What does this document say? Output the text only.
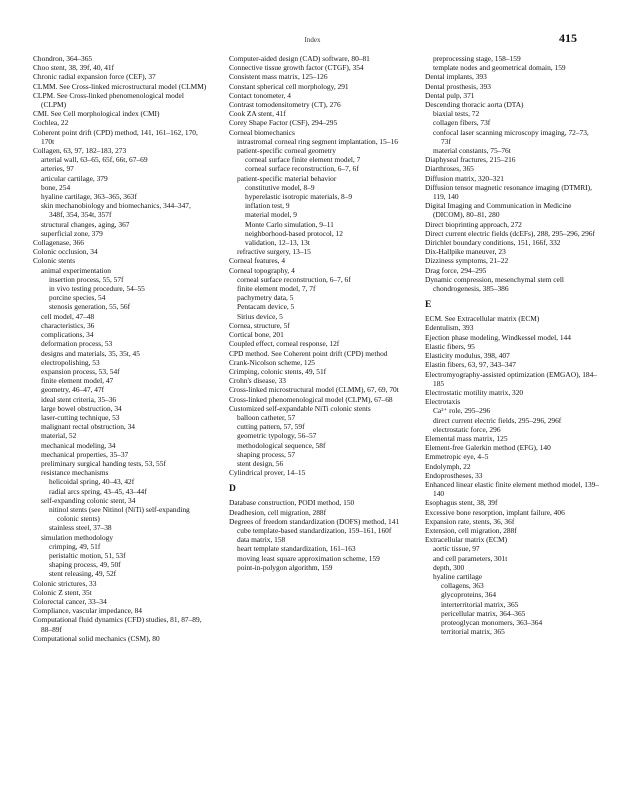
Index	415

Chondron, 364–365

Choo stent, 38, 39f, 40, 41f

Chronic radial expansion force (CEF), 37

CLMM. See Cross-linked microstructural model (CLMM)

CLPM. See Cross-linked phenomenological model (CLPM)

CMI. See Cell morphological index (CMI)

Cochlea, 22

Coherent point drift (CPD) method, 141, 161–162, 170, 170t

Collagen, 63, 97, 182–183, 273

arterial wall, 63–65, 65f, 66t, 67–69

arteries, 97

articular cartilage, 379

bone, 254

hyaline cartilage, 363–365, 363f

skin mechanobiology and biomechanics, 344–347, 348f, 354, 354t, 357f

structural changes, aging, 367

superficial zone, 379

Collagenase, 366

Colonic occlusion, 34

Colonic stents

animal experimentation

insertion process, 55, 57f

in vivo testing procedure, 54–55

porcine species, 54

stenosis generation, 55, 56f

cell model, 47–48

characteristics, 36

complications, 34

deformation process, 53

designs and materials, 35, 35t, 45

electropolishing, 53

expansion process, 53, 54f

finite element model, 47

geometry, 46–47, 47f

ideal stent criteria, 35–36

large bowel obstruction, 34

laser-cutting technique, 53

malignant rectal obstruction, 34

material, 52

mechanical modeling, 34

mechanical properties, 35–37

preliminary surgical handing tests, 53, 55f

resistance mechanisms

helicoidal spring, 40–43, 42f

radial arcs spring, 43–45, 43–44f

self-expanding colonic stent, 34

nitinol stents (see Nitinol (NiTi) self-expanding colonic stents)

stainless steel, 37–38

simulation methodology

crimping, 49, 51f

peristaltic motion, 51, 53f

shaping process, 49, 50f

stent releasing, 49, 52f

Colonic strictures, 33

Colonic Z stent, 35t

Colorectal cancer, 33–34

Compliance, vascular impedance, 84

Computational fluid dynamics (CFD) studies, 81, 87–89, 88–89f

Computational solid mechanics (CSM), 80

Computer-aided design (CAD) software, 80–81

Connective tissue growth factor (CTGF), 354

Consistent mass matrix, 125–126

Constant spherical cell morphology, 291

Contact tonometer, 4

Contrast tomodensitometry (CT), 276

Cook ZA stent, 41f

Corey Shape Factor (CSF), 294–295

Corneal biomechanics

intrastromal corneal ring segment implantation, 15–16

patient-specific corneal geometry

corneal surface finite element model, 7

corneal surface reconstruction, 6–7, 6f

patient-specific material behavior

constitutive model, 8–9

hyperelastic isotropic materials, 8–9

inflation test, 9

material model, 9

Monte Carlo simulation, 9–11

neighborhood-based protocol, 12

validation, 12–13, 13t

refractive surgery, 13–15

Corneal features, 4

Corneal topography, 4

corneal surface reconstruction, 6–7, 6f

finite element model, 7, 7f

pachymetry data, 5

Pentacam device, 5

Sirius device, 5

Cornea, structure, 5f

Cortical bone, 201

Coupled effect, corneal response, 12f

CPD method. See Coherent point drift (CPD) method

Crank-Nicolson scheme, 125

Crimping, colonic stents, 49, 51f

Crohn's disease, 33

Cross-linked microstructural model (CLMM), 67, 69, 70t

Cross-linked phenomenological model (CLPM), 67–68

Customized self-expandable NiTi colonic stents

balloon catheter, 57

cutting pattern, 57, 59f

geometric typology, 56–57

methodological sequence, 58f

shaping process, 57

stent design, 56

Cylindrical prover, 14–15

D

Database construction, PODI method, 150

Deadhesion, cell migration, 288f

Degrees of freedom standardization (DOFS) method, 141

cube template-based standardization, 159–161, 160f

data matrix, 158

heart template standardization, 161–163

moving least square approximation scheme, 159

point-in-polygon algorithm, 159

preprocessing stage, 158–159

template nodes and geometrical domain, 159

Dental implants, 393

Dental prosthesis, 393

Dental pulp, 371

Descending thoracic aorta (DTA)

biaxial tests, 72

collagen fibers, 73f

confocal laser scanning microscopy imaging, 72–73, 73f

material constants, 75–76t

Diaphyseal fractures, 215–216

Diarthroses, 365

Diffusion matrix, 320–321

Diffusion tensor magnetic resonance imaging (DTMRI), 119, 140

Digital Imaging and Communication in Medicine (DICOM), 80–81, 280

Direct bioprinting approach, 272

Direct current electric fields (dcEFs), 288, 295–296, 296f

Dirichlet boundary conditions, 151, 166f, 332

Dix-Hallpike maneuver, 23

Dizziness symptoms, 21–22

Drag force, 294–295

Dynamic compression, mesenchymal stem cell chondrogenesis, 385–386

E

ECM. See Extracellular matrix (ECM)

Edentulism, 393

Ejection phase modeling, Windkessel model, 144

Elastic fibers, 95

Elasticity modulus, 398, 407

Elastin fibers, 63, 97, 343–347

Electromyography-assisted optimization (EMGAO), 184–185

Electrostatic motility matrix, 320

Electrotaxis

Ca²⁺ role, 295–296

direct current electric fields, 295–296, 296f

electrostatic force, 296

Elemental mass matrix, 125

Element-free Galerkin method (EFG), 140

Emmetropic eye, 4–5

Endolymph, 22

Endoprostheses, 33

Enhanced linear elastic finite element method model, 139–140

Esophagus stent, 38, 39f

Excessive bone resorption, implant failure, 406

Expansion rate, stents, 36, 36f

Extension, cell migration, 288f

Extracellular matrix (ECM)

aortic tissue, 97

and cell parameters, 301t

depth, 300

hyaline cartilage

collagens, 363

glycoproteins, 364

interterritorial matrix, 365

pericellular matrix, 364–365

proteoglycan monomers, 363–364

territorial matrix, 365
